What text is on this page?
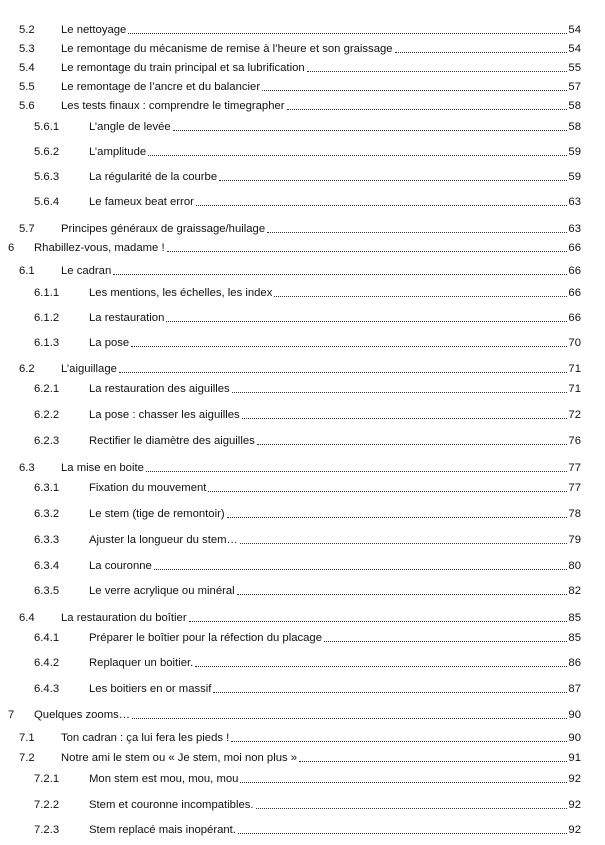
5.2 Le nettoyage	54
5.3 Le remontage du mécanisme de remise à l’heure et son graissage	54
5.4 Le remontage du train principal et sa lubrification	55
5.5 Le remontage de l’ancre et du balancier	57
5.6 Les tests finaux : comprendre le timegrapher	58
5.6.1	L’angle de levée	58
5.6.2	L’amplitude	59
5.6.3	La régularité de la courbe	59
5.6.4	Le fameux beat error	63
5.7 Principes généraux de graissage/huilage	63
6 Rhabillez-vous, madame !	66
6.1 Le cadran	66
6.1.1	Les mentions, les échelles, les index	66
6.1.2	La restauration	66
6.1.3	La pose	70
6.2 L’aiguillage	71
6.2.1	La restauration des aiguilles	71
6.2.2	La pose : chasser les aiguilles	72
6.2.3	Rectifier le diamètre des aiguilles	76
6.3 La mise en boite	77
6.3.1	Fixation du mouvement	77
6.3.2	Le stem (tige de remontoir)	78
6.3.3	Ajuster la longueur du stem…	79
6.3.4	La couronne	80
6.3.5	Le verre acrylique ou minéral	82
6.4 La restauration du boîtier	85
6.4.1	Préparer le boîtier pour la réfection du placage	85
6.4.2	Replaquer un boitier.	86
6.4.3	Les boitiers en or massif	87
7 Quelques zooms…	90
7.1 Ton cadran : ça lui fera les pieds !	90
7.2 Notre ami le stem ou « Je stem, moi non plus »	91
7.2.1	Mon stem est mou, mou, mou	92
7.2.2	Stem et couronne incompatibles.	92
7.2.3	Stem replacé mais inopérant.	92
